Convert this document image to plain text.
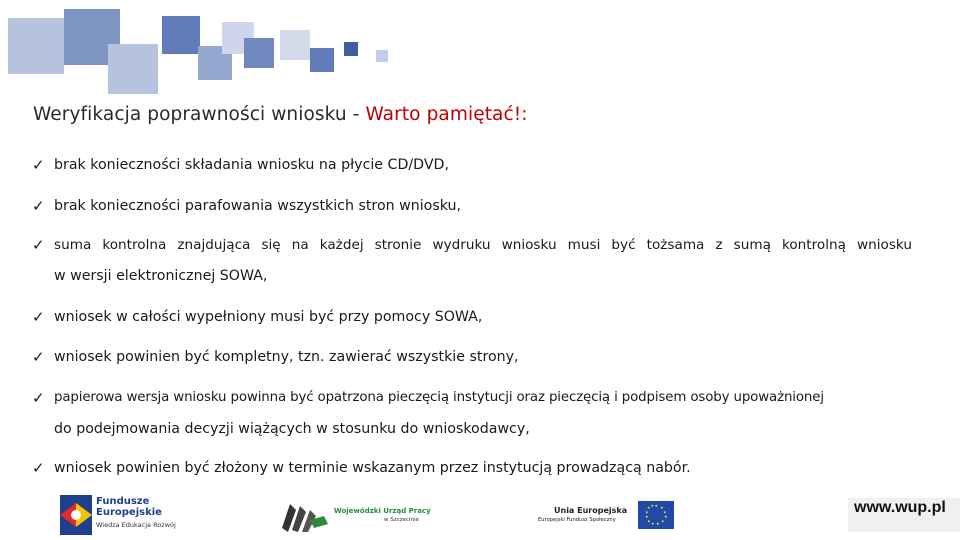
Weryfikacja poprawności wniosku - Warto pamiętać!:
✓ brak konieczności składania wniosku na płycie CD/DVD,
✓ brak konieczności parafowania wszystkich stron wniosku,
✓ suma kontrolna znajdująca się na każdej stronie wydruku wniosku musi być tożsama z sumą kontrolną wniosku
w wersji elektronicznej SOWA,
✓ wniosek w całości wypełniony musi być przy pomocy SOWA,
✓ wniosek powinien być kompletny, tzn. zawierać wszystkie strony,
✓ papierowa wersja wniosku powinna być opatrzona pieczęcią instytucji oraz pieczęcią i podpisem osoby upoważnionej
do podejmowania decyzji wiążących w stosunku do wnioskodawcy,
✓ wniosek powinien być złożony w terminie wskazanym przez instytucją prowadzącą nabór.
Fundusze
Europejskie
Wiedza Edukacja Rozwój
Wojewódzki Urząd Pracy
w Szczecinie
Unia Europejska
Europejski Fundusz Społeczny
★ ★
★
★
★
★
★
★
★
★
★ ★	www.wup.pl
